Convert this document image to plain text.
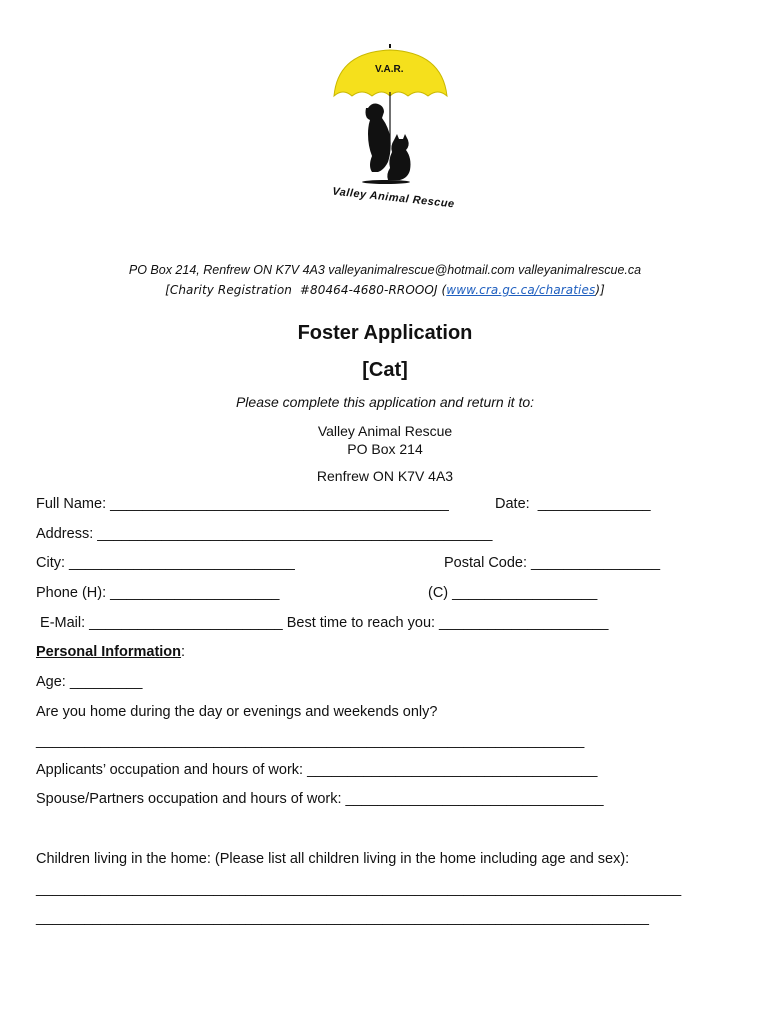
V.A.R.
Valley Animal Rescue
PO Box 214, Renfrew ON K7V 4A3 valleyanimalrescue@hotmail.com valleyanimalrescue.ca
[Charity Registration  #80464-4680-RROOOJ (www.cra.gc.ca/charaties)]
Foster Application
[Cat]
Please complete this application and return it to:
Valley Animal Rescue
PO Box 214
Renfrew ON K7V 4A3
Full Name: __________________________________________	Date:  ______________
Address: _________________________________________________
City: ____________________________	Postal Code: ________________
Phone (H): _____________________	(C) __________________
E-Mail: ________________________ Best time to reach you: _____________________
Personal Information:
Age: _________
Are you home during the day or evenings and weekends only?
____________________________________________________________________
Applicants’ occupation and hours of work: ____________________________________
Spouse/Partners occupation and hours of work: ________________________________
Children living in the home: (Please list all children living in the home including age and sex):
________________________________________________________________________________
____________________________________________________________________________
